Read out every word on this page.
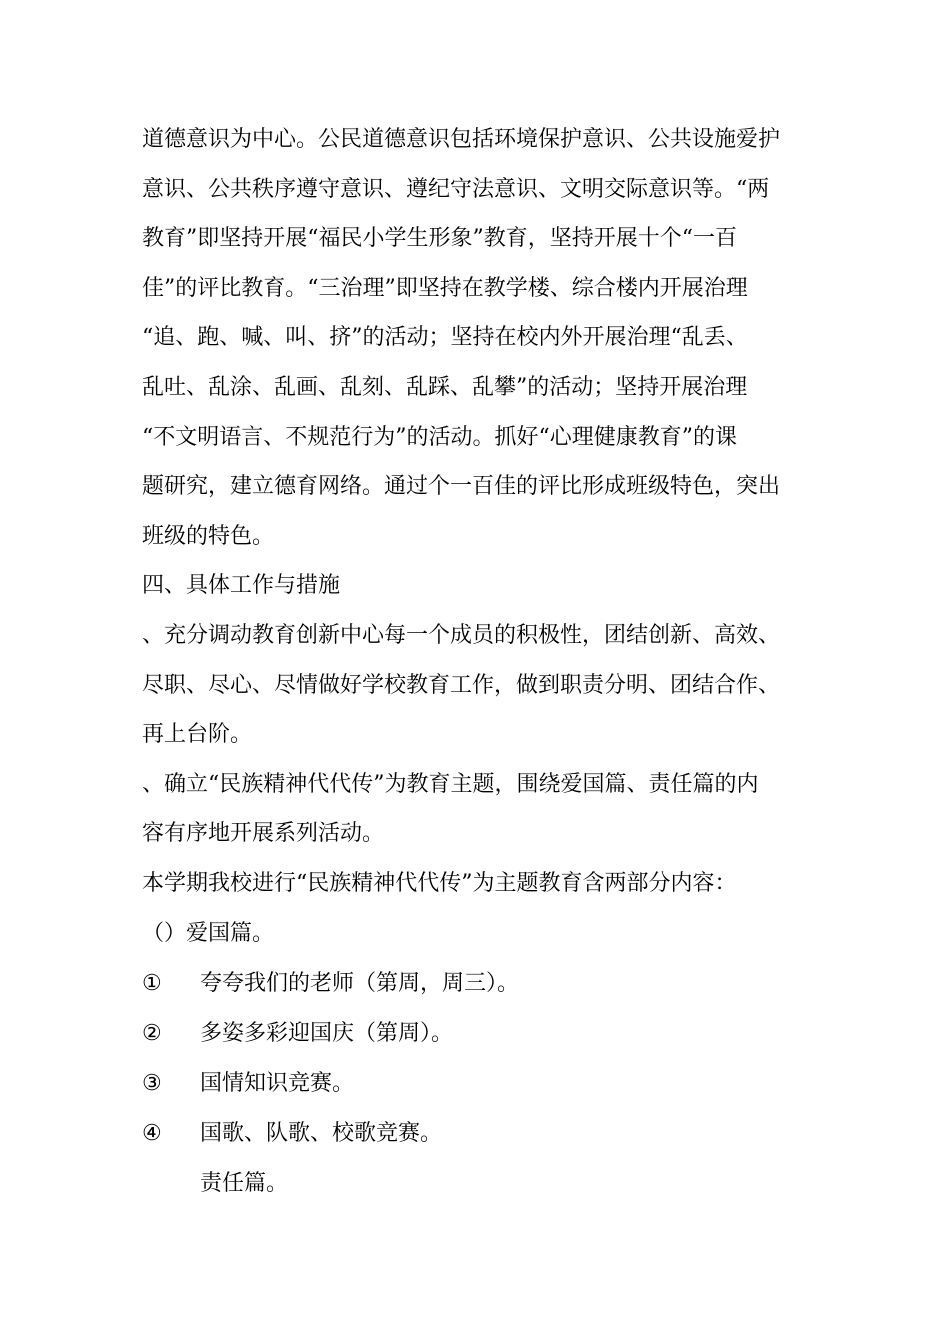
道德意识为中心。公民道德意识包括环境保护意识、公共设施爱护
意识、公共秩序遵守意识、遵纪守法意识、文明交际意识等。“两
教育”即坚持开展“福民小学生形象”教育，坚持开展十个“一百
佳”的评比教育。“三治理”即坚持在教学楼、综合楼内开展治理
“追、跑、喊、叫、挤”的活动；坚持在校内外开展治理“乱丢、
乱吐、乱涂、乱画、乱刻、乱踩、乱攀”的活动；坚持开展治理
“不文明语言、不规范行为”的活动。抓好“心理健康教育”的课
题研究，建立德育网络。通过个一百佳的评比形成班级特色，突出
班级的特色。
四、具体工作与措施
、充分调动教育创新中心每一个成员的积极性，团结创新、高效、
尽职、尽心、尽情做好学校教育工作，做到职责分明、团结合作、
再上台阶。
、确立“民族精神代代传”为教育主题，围绕爱国篇、责任篇的内
容有序地开展系列活动。
本学期我校进行“民族精神代代传”为主题教育含两部分内容：
（）爱国篇。
① 夸夸我们的老师（第周，周三）。
② 多姿多彩迎国庆（第周）。
③ 国情知识竞赛。
④ 国歌、队歌、校歌竞赛。
责任篇。
